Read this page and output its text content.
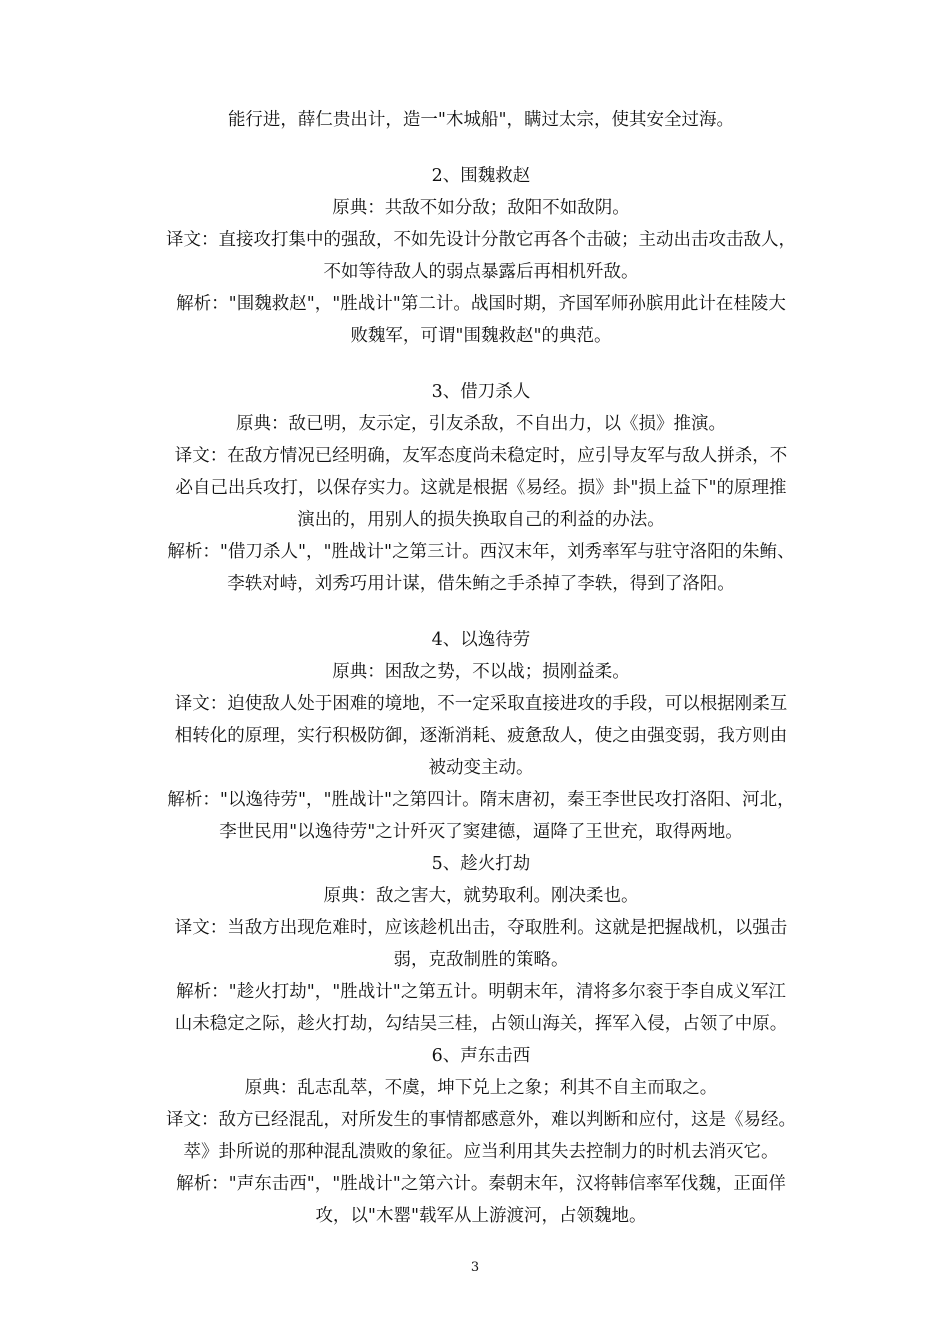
能行进，薛仁贵出计，造一"木城船"，瞒过太宗，使其安全过海。
2、围魏救赵
原典：共敌不如分敌；敌阳不如敌阴。
译文：直接攻打集中的强敌，不如先设计分散它再各个击破；主动出击攻击敌人，
不如等待敌人的弱点暴露后再相机歼敌。
解析："围魏救赵"，"胜战计"第二计。战国时期，齐国军师孙膑用此计在桂陵大
败魏军，可谓"围魏救赵"的典范。
3、借刀杀人
原典：敌已明，友示定，引友杀敌，不自出力，以《损》推演。
译文：在敌方情况已经明确，友军态度尚未稳定时，应引导友军与敌人拼杀，不
必自己出兵攻打，以保存实力。这就是根据《易经。损》卦"损上益下"的原理推
演出的，用别人的损失换取自己的利益的办法。
解析："借刀杀人"，"胜战计"之第三计。西汉末年，刘秀率军与驻守洛阳的朱鲔、
李轶对峙，刘秀巧用计谋，借朱鲔之手杀掉了李轶，得到了洛阳。
4、以逸待劳
原典：困敌之势，不以战；损刚益柔。
译文：迫使敌人处于困难的境地，不一定采取直接进攻的手段，可以根据刚柔互
相转化的原理，实行积极防御，逐渐消耗、疲惫敌人，使之由强变弱，我方则由
被动变主动。
解析："以逸待劳"，"胜战计"之第四计。隋末唐初，秦王李世民攻打洛阳、河北，
李世民用"以逸待劳"之计歼灭了窦建德，逼降了王世充，取得两地。
5、趁火打劫
原典：敌之害大，就势取利。刚决柔也。
译文：当敌方出现危难时，应该趁机出击，夺取胜利。这就是把握战机，以强击
弱，克敌制胜的策略。
解析："趁火打劫"，"胜战计"之第五计。明朝末年，清将多尔衮于李自成义军江
山未稳定之际，趁火打劫，勾结吴三桂，占领山海关，挥军入侵，占领了中原。
6、声东击西
原典：乱志乱萃，不虞，坤下兑上之象；利其不自主而取之。
译文：敌方已经混乱，对所发生的事情都感意外，难以判断和应付，这是《易经。
萃》卦所说的那种混乱溃败的象征。应当利用其失去控制力的时机去消灭它。
解析："声东击西"，"胜战计"之第六计。秦朝末年，汉将韩信率军伐魏，正面佯
攻，以"木罂"载军从上游渡河，占领魏地。
3
